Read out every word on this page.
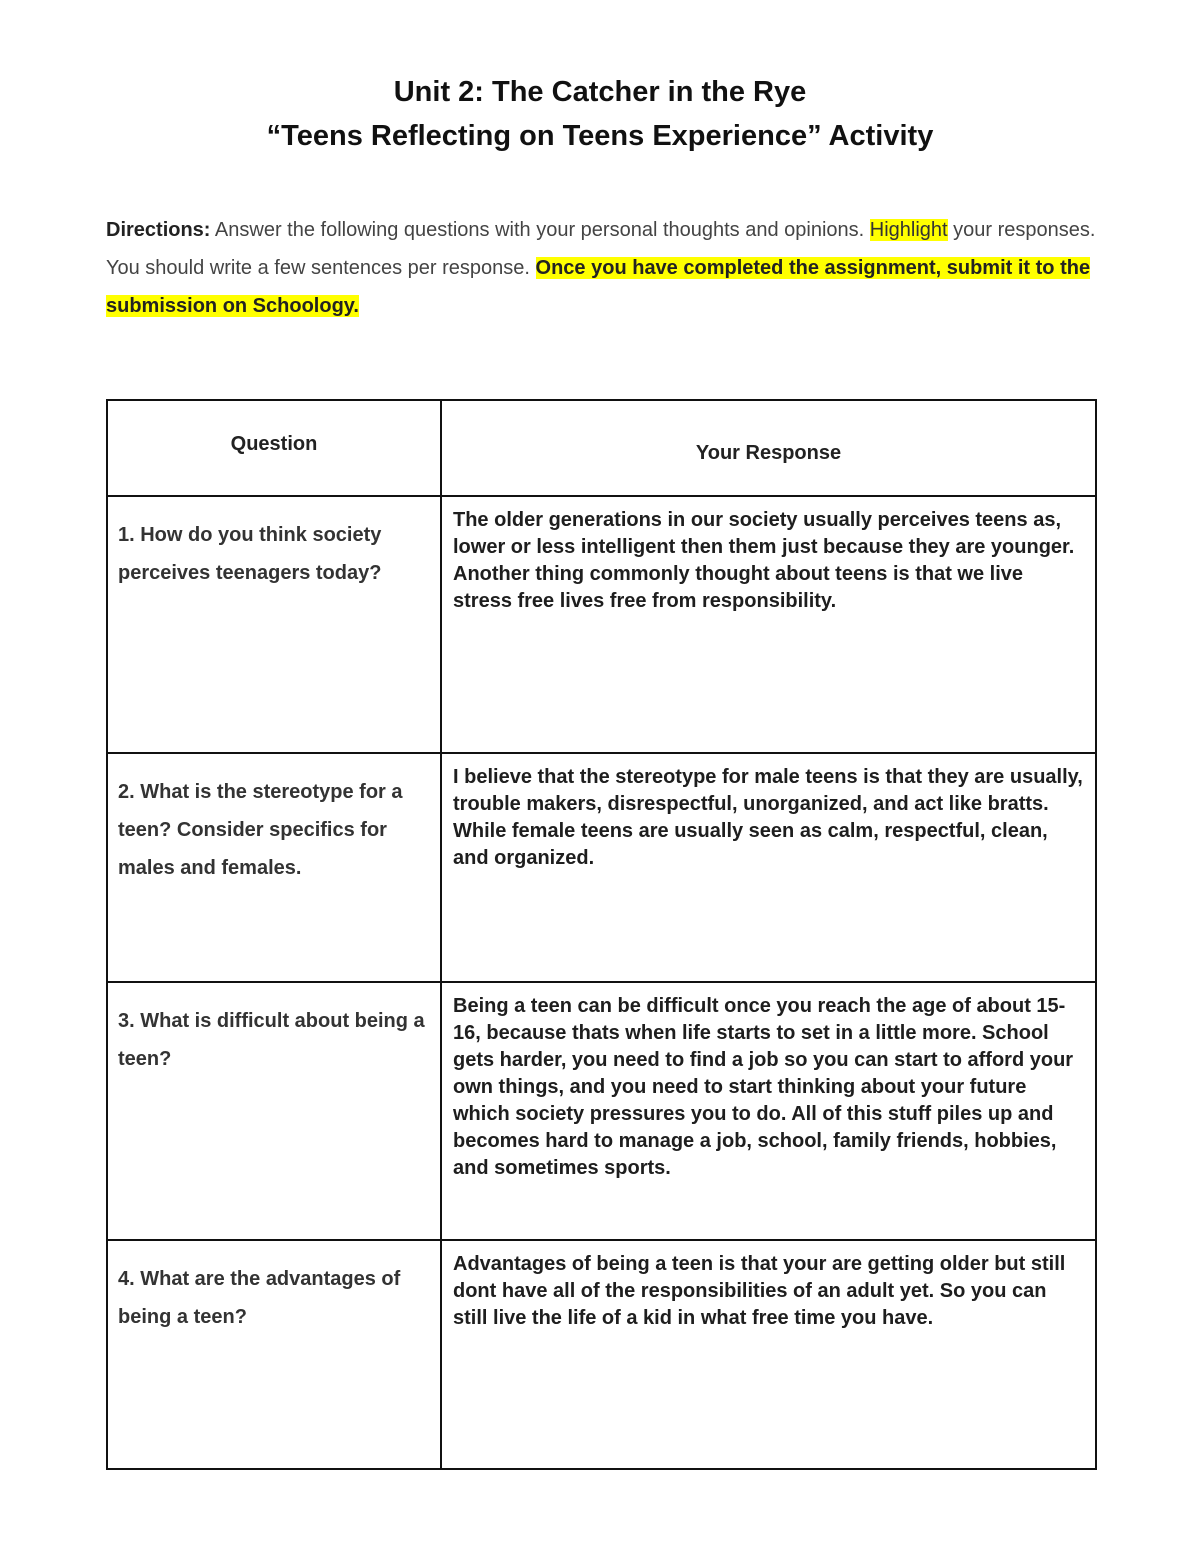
Unit 2: The Catcher in the Rye
“Teens Reflecting on Teens Experience” Activity
Directions: Answer the following questions with your personal thoughts and opinions. Highlight your responses. You should write a few sentences per response. Once you have completed the assignment, submit it to the submission on Schoology.
Question	Your Response

1. How do you think society perceives teenagers today?	The older generations in our society usually perceives teens as, lower or less intelligent then them just because they are younger. Another thing commonly thought about teens is that we live stress free lives free from responsibility.
2. What is the stereotype for a teen? Consider specifics for males and females.	I believe that the stereotype for male teens is that they are usually, trouble makers, disrespectful, unorganized, and act like bratts. While female teens are usually seen as calm, respectful, clean, and organized.
3. What is difficult about being a teen?	Being a teen can be difficult once you reach the age of about 15-16, because thats when life starts to set in a little more. School gets harder, you need to find a job so you can start to afford your own things, and you need to start thinking about your future which society pressures you to do. All of this stuff piles up and becomes hard to manage a job, school, family friends, hobbies, and sometimes sports.
4. What are the advantages of being a teen?	Advantages of being a teen is that your are getting older but still dont have all of the responsibilities of an adult yet. So you can still live the life of a kid in what free time you have.
